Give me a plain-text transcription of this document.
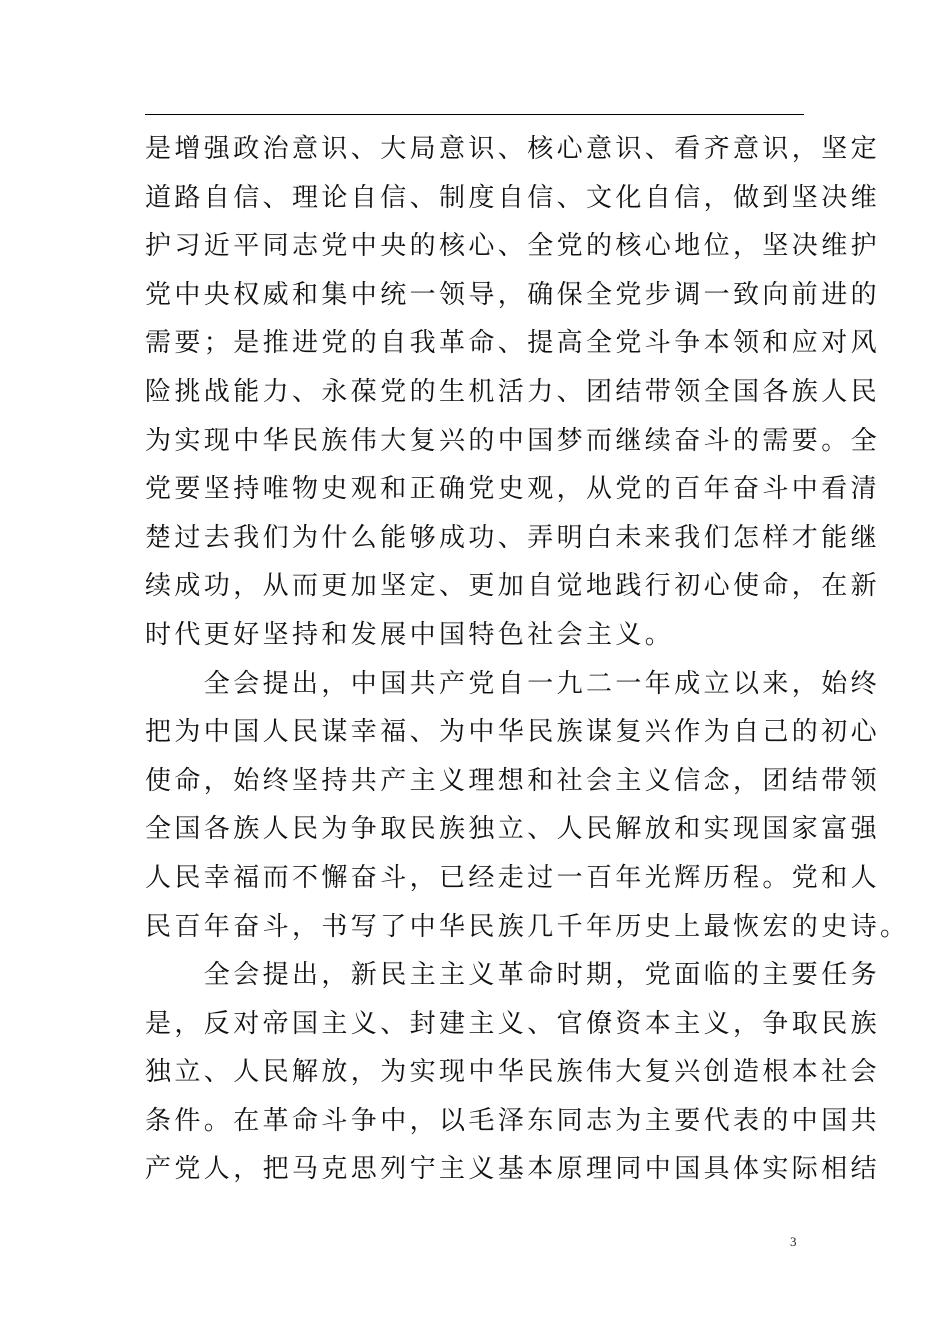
是增强政治意识、大局意识、核心意识、看齐意识，坚定
道路自信、理论自信、制度自信、文化自信，做到坚决维
护习近平同志党中央的核心、全党的核心地位，坚决维护
党中央权威和集中统一领导，确保全党步调一致向前进的
需要；是推进党的自我革命、提高全党斗争本领和应对风
险挑战能力、永葆党的生机活力、团结带领全国各族人民
为实现中华民族伟大复兴的中国梦而继续奋斗的需要。全
党要坚持唯物史观和正确党史观，从党的百年奋斗中看清
楚过去我们为什么能够成功、弄明白未来我们怎样才能继
续成功，从而更加坚定、更加自觉地践行初心使命，在新
时代更好坚持和发展中国特色社会主义。
　　全会提出，中国共产党自一九二一年成立以来，始终
把为中国人民谋幸福、为中华民族谋复兴作为自己的初心
使命，始终坚持共产主义理想和社会主义信念，团结带领
全国各族人民为争取民族独立、人民解放和实现国家富强
人民幸福而不懈奋斗，已经走过一百年光辉历程。党和人
民百年奋斗，书写了中华民族几千年历史上最恢宏的史诗。
　　全会提出，新民主主义革命时期，党面临的主要任务
是，反对帝国主义、封建主义、官僚资本主义，争取民族
独立、人民解放，为实现中华民族伟大复兴创造根本社会
条件。在革命斗争中，以毛泽东同志为主要代表的中国共
产党人，把马克思列宁主义基本原理同中国具体实际相结
3
